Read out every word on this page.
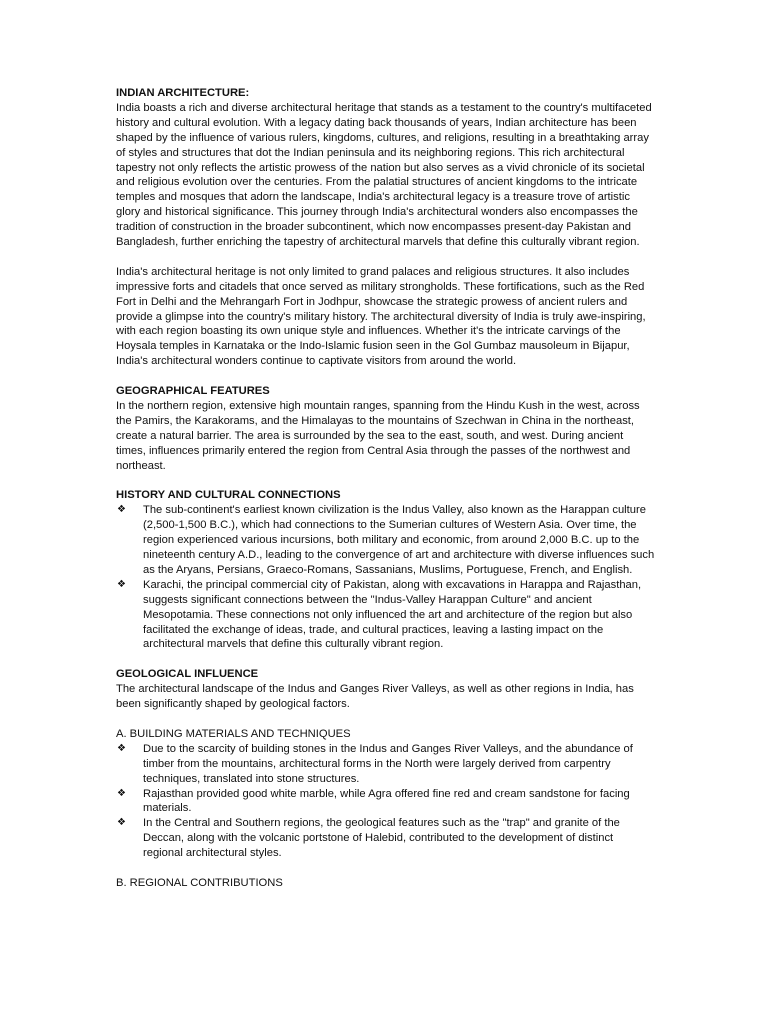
INDIAN ARCHITECTURE:

India boasts a rich and diverse architectural heritage that stands as a testament to the country's multifaceted history and cultural evolution. With a legacy dating back thousands of years, Indian architecture has been shaped by the influence of various rulers, kingdoms, cultures, and religions, resulting in a breathtaking array of styles and structures that dot the Indian peninsula and its neighboring regions. This rich architectural tapestry not only reflects the artistic prowess of the nation but also serves as a vivid chronicle of its societal and religious evolution over the centuries. From the palatial structures of ancient kingdoms to the intricate temples and mosques that adorn the landscape, India's architectural legacy is a treasure trove of artistic glory and historical significance. This journey through India's architectural wonders also encompasses the tradition of construction in the broader subcontinent, which now encompasses present-day Pakistan and Bangladesh, further enriching the tapestry of architectural marvels that define this culturally vibrant region.

India's architectural heritage is not only limited to grand palaces and religious structures. It also includes impressive forts and citadels that once served as military strongholds. These fortifications, such as the Red Fort in Delhi and the Mehrangarh Fort in Jodhpur, showcase the strategic prowess of ancient rulers and provide a glimpse into the country's military history. The architectural diversity of India is truly awe-inspiring, with each region boasting its own unique style and influences. Whether it's the intricate carvings of the Hoysala temples in Karnataka or the Indo-Islamic fusion seen in the Gol Gumbaz mausoleum in Bijapur, India's architectural wonders continue to captivate visitors from around the world.

GEOGRAPHICAL FEATURES

In the northern region, extensive high mountain ranges, spanning from the Hindu Kush in the west, across the Pamirs, the Karakorams, and the Himalayas to the mountains of Szechwan in China in the northeast, create a natural barrier. The area is surrounded by the sea to the east, south, and west. During ancient times, influences primarily entered the region from Central Asia through the passes of the northwest and northeast.

HISTORY AND CULTURAL CONNECTIONS

❖ The sub-continent's earliest known civilization is the Indus Valley, also known as the Harappan culture (2,500-1,500 B.C.), which had connections to the Sumerian cultures of Western Asia. Over time, the region experienced various incursions, both military and economic, from around 2,000 B.C. up to the nineteenth century A.D., leading to the convergence of art and architecture with diverse influences such as the Aryans, Persians, Graeco-Romans, Sassanians, Muslims, Portuguese, French, and English.
❖ Karachi, the principal commercial city of Pakistan, along with excavations in Harappa and Rajasthan, suggests significant connections between the "Indus-Valley Harappan Culture" and ancient Mesopotamia. These connections not only influenced the art and architecture of the region but also facilitated the exchange of ideas, trade, and cultural practices, leaving a lasting impact on the architectural marvels that define this culturally vibrant region.

GEOLOGICAL INFLUENCE

The architectural landscape of the Indus and Ganges River Valleys, as well as other regions in India, has been significantly shaped by geological factors.

A. BUILDING MATERIALS AND TECHNIQUES

❖ Due to the scarcity of building stones in the Indus and Ganges River Valleys, and the abundance of timber from the mountains, architectural forms in the North were largely derived from carpentry techniques, translated into stone structures.
❖ Rajasthan provided good white marble, while Agra offered fine red and cream sandstone for facing materials.
❖ In the Central and Southern regions, the geological features such as the "trap" and granite of the Deccan, along with the volcanic portstone of Halebid, contributed to the development of distinct regional architectural styles.

B. REGIONAL CONTRIBUTIONS
